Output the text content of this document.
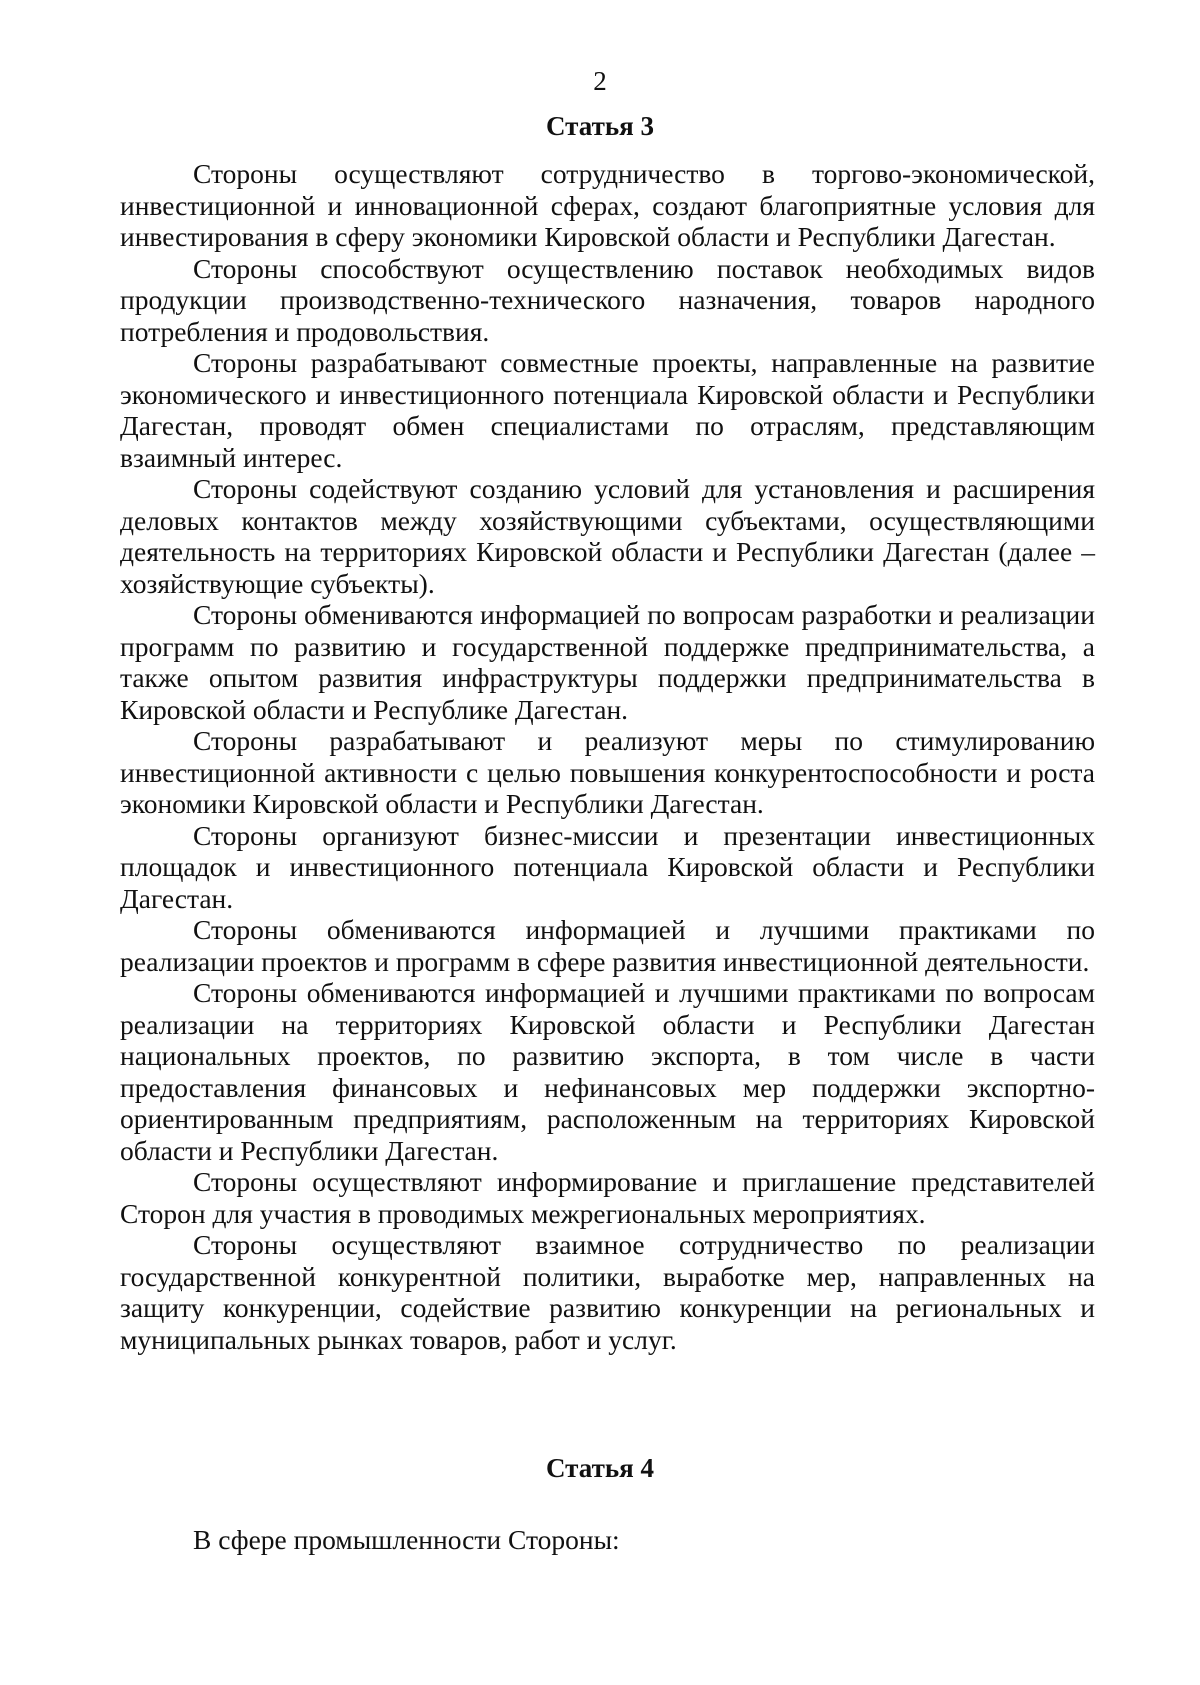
2
Статья 3

Стороны осуществляют сотрудничество в торгово-экономической, инвестиционной и инновационной сферах, создают благоприятные условия для инвестирования в сферу экономики Кировской области и Республики Дагестан.

Стороны способствуют осуществлению поставок необходимых видов продукции производственно-технического назначения, товаров народного потребления и продовольствия.

Стороны разрабатывают совместные проекты, направленные на развитие экономического и инвестиционного потенциала Кировской области и Республики Дагестан, проводят обмен специалистами по отраслям, представляющим взаимный интерес.

Стороны содействуют созданию условий для установления и расширения деловых контактов между хозяйствующими субъектами, осуществляющими деятельность на территориях Кировской области и Республики Дагестан (далее – хозяйствующие субъекты).

Стороны обмениваются информацией по вопросам разработки и реализации программ по развитию и государственной поддержке предпринимательства, а также опытом развития инфраструктуры поддержки предпринимательства в Кировской области и Республике Дагестан.

Стороны разрабатывают и реализуют меры по стимулированию инвестиционной активности с целью повышения конкурентоспособности и роста экономики Кировской области и Республики Дагестан.

Стороны организуют бизнес-миссии и презентации инвестиционных площадок и инвестиционного потенциала Кировской области и Республики Дагестан.

Стороны обмениваются информацией и лучшими практиками по реализации проектов и программ в сфере развития инвестиционной деятельности.

Стороны обмениваются информацией и лучшими практиками по вопросам реализации на территориях Кировской области и Республики Дагестан национальных проектов, по развитию экспорта, в том числе в части предоставления финансовых и нефинансовых мер поддержки экспортно-ориентированным предприятиям, расположенным на территориях Кировской области и Республики Дагестан.

Стороны осуществляют информирование и приглашение представителей Сторон для участия в проводимых межрегиональных мероприятиях.

Стороны осуществляют взаимное сотрудничество по реализации государственной конкурентной политики, выработке мер, направленных на защиту конкуренции, содействие развитию конкуренции на региональных и муниципальных рынках товаров, работ и услуг.

Статья 4

В сфере промышленности Стороны:
